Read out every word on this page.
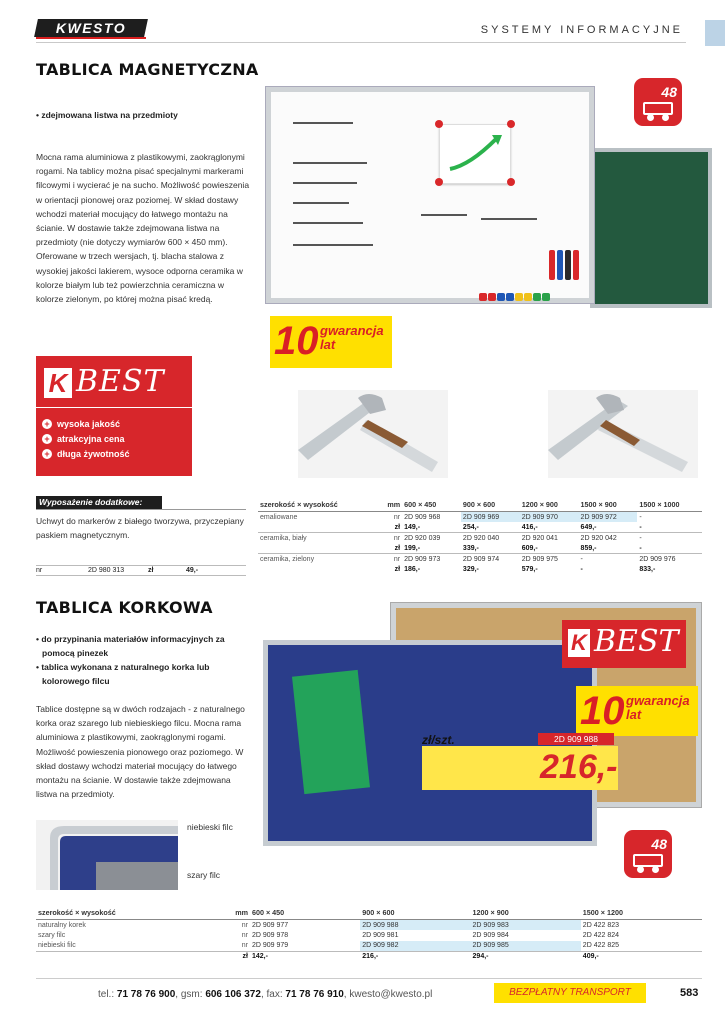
KWESTO	SYSTEMY INFORMACYJNE
TABLICA MAGNETYCZNA
• zdejmowana listwa na przedmioty
Mocna rama aluminiowa z plastikowymi, zaokrąglonymi rogami. Na tablicy można pisać specjalnymi markerami ﬁlcowymi i wycierać je na sucho. Możliwość powieszenia w orientacji pionowej oraz poziomej. W skład dostawy wchodzi materiał mocujący do łatwego montażu na ścianie. W dostawie także zdejmowana listwa na przedmioty (nie dotyczy wymiarów 600 × 450 mm). Oferowane w trzech wersjach, tj. blacha stalowa z wysokiej jakości lakierem, wysoce odporna ceramika w kolorze białym lub też powierzchnia ceramiczna w kolorze zielonym, po której można pisać kredą.
48
10 gwarancja
lat
K BEST
+ wysoka jakość
+ atrakcyjna cena
+ długa żywotność
Wyposażenie dodatkowe:
Uchwyt do markerów z białego tworzywa, przyczepiany paskiem magnetycznym.
nr	2D 980 313	zł	49,-
szerokość × wysokość	mm	600 × 450	900 × 600	1200 × 900	1500 × 900	1500 × 1000
emaliowane	nr	2D 909 968	2D 909 969	2D 909 970	2D 909 972	-
	zł	149,-	254,-	416,-	649,-	-
ceramika, biały	nr	2D 920 039	2D 920 040	2D 920 041	2D 920 042	-
	zł	199,-	339,-	609,-	859,-	-
ceramika, zielony	nr	2D 909 973	2D 909 974	2D 909 975	-	2D 909 976
	zł	186,-	329,-	579,-	-	833,-
TABLICA KORKOWA
• do przypinania materiałów informacyjnych za
pomocą pinezek
• tablica wykonana z naturalnego korka lub
kolorowego ﬁlcu
Tablice dostępne są w dwóch rodzajach - z naturalnego korka oraz szarego lub niebieskiego ﬁlcu. Mocna rama aluminiowa z plastikowymi, zaokrąglonymi rogami. Możliwość powieszenia pionowego oraz poziomego. W skład dostawy wchodzi materiał mocujący do łatwego montażu na ścianie. W dostawie także zdejmowana listwa na przedmioty.
K BEST
10 gwarancja
lat
zł/szt.	2D 909 988
216,-
48
niebieski ﬁlc
szary ﬁlc
szerokość × wysokość	mm	600 × 450	900 × 600	1200 × 900	1500 × 1200
naturalny korek	nr	2D 909 977	2D 909 988	2D 909 983	2D 422 823
szary ﬁlc	nr	2D 909 978	2D 909 981	2D 909 984	2D 422 824
niebieski ﬁlc	nr	2D 909 979	2D 909 982	2D 909 985	2D 422 825
	zł	142,-	216,-	294,-	409,-
tel.: 71 78 76 900, gsm: 606 106 372, fax: 71 78 76 910, kwesto@kwesto.pl	BEZPŁATNY TRANSPORT	583
